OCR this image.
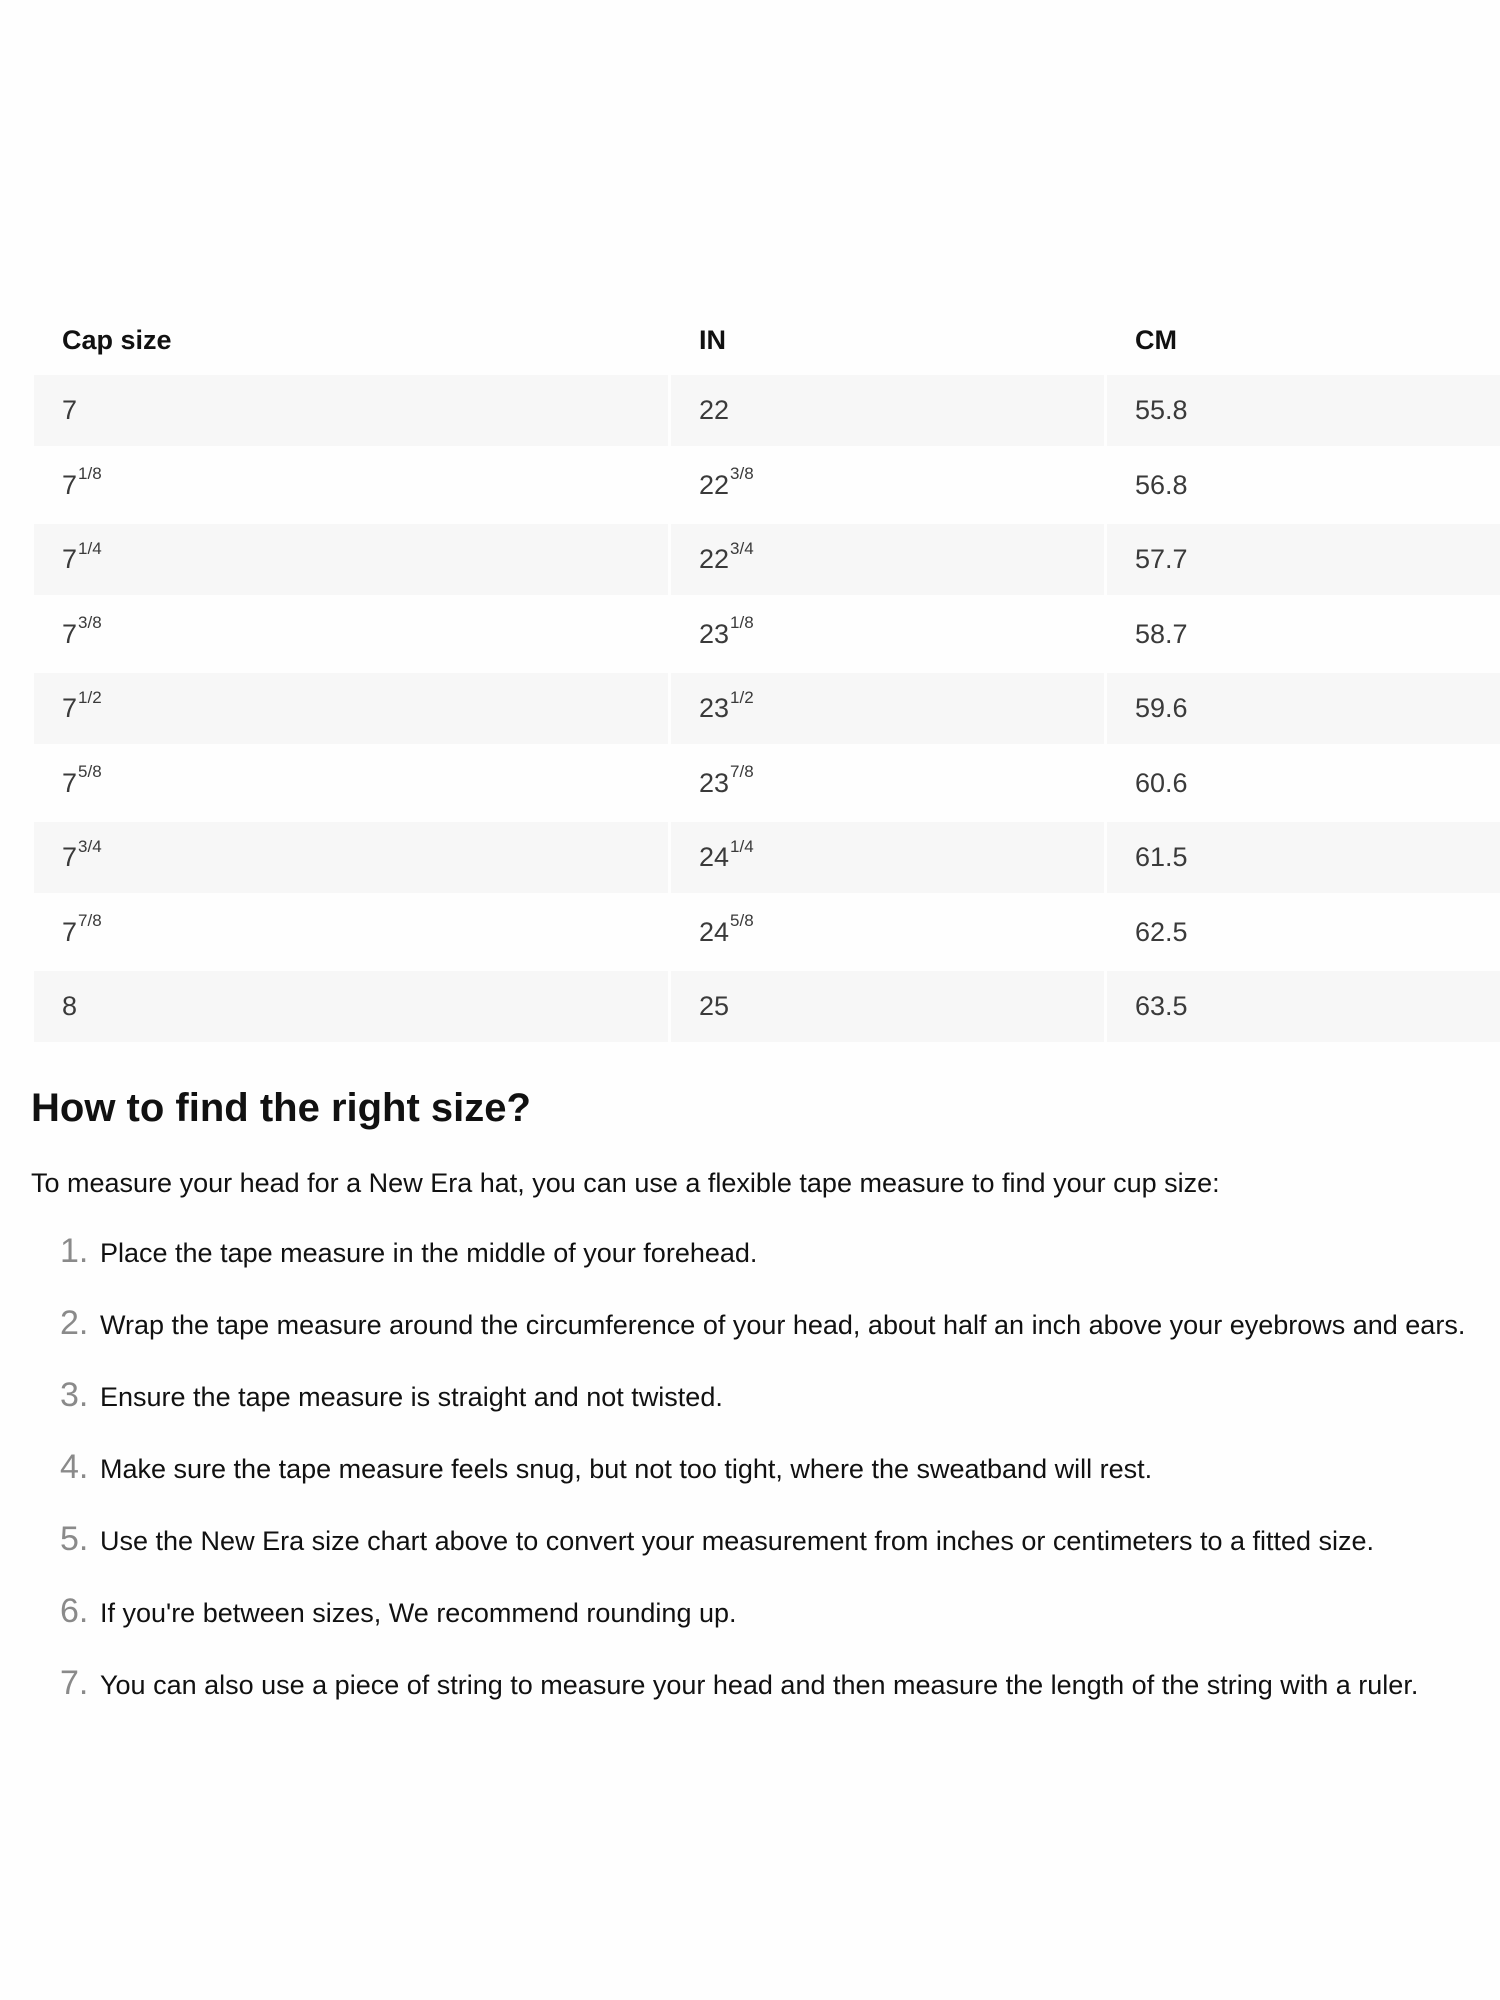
Cap size	IN	CM
7	22	55.8
7 1/8	22 3/8	56.8
7 1/4	22 3/4	57.7
7 3/8	23 1/8	58.7
7 1/2	23 1/2	59.6
7 5/8	23 7/8	60.6
7 3/4	24 1/4	61.5
7 7/8	24 5/8	62.5
8	25	63.5
How to find the right size?

To measure your head for a New Era hat, you can use a flexible tape measure to find your cup size:

1. Place the tape measure in the middle of your forehead.
2. Wrap the tape measure around the circumference of your head, about half an inch above your eyebrows and ears.
3. Ensure the tape measure is straight and not twisted.
4. Make sure the tape measure feels snug, but not too tight, where the sweatband will rest.
5. Use the New Era size chart above to convert your measurement from inches or centimeters to a fitted size.
6. If you're between sizes, We recommend rounding up.
7. You can also use a piece of string to measure your head and then measure the length of the string with a ruler.
